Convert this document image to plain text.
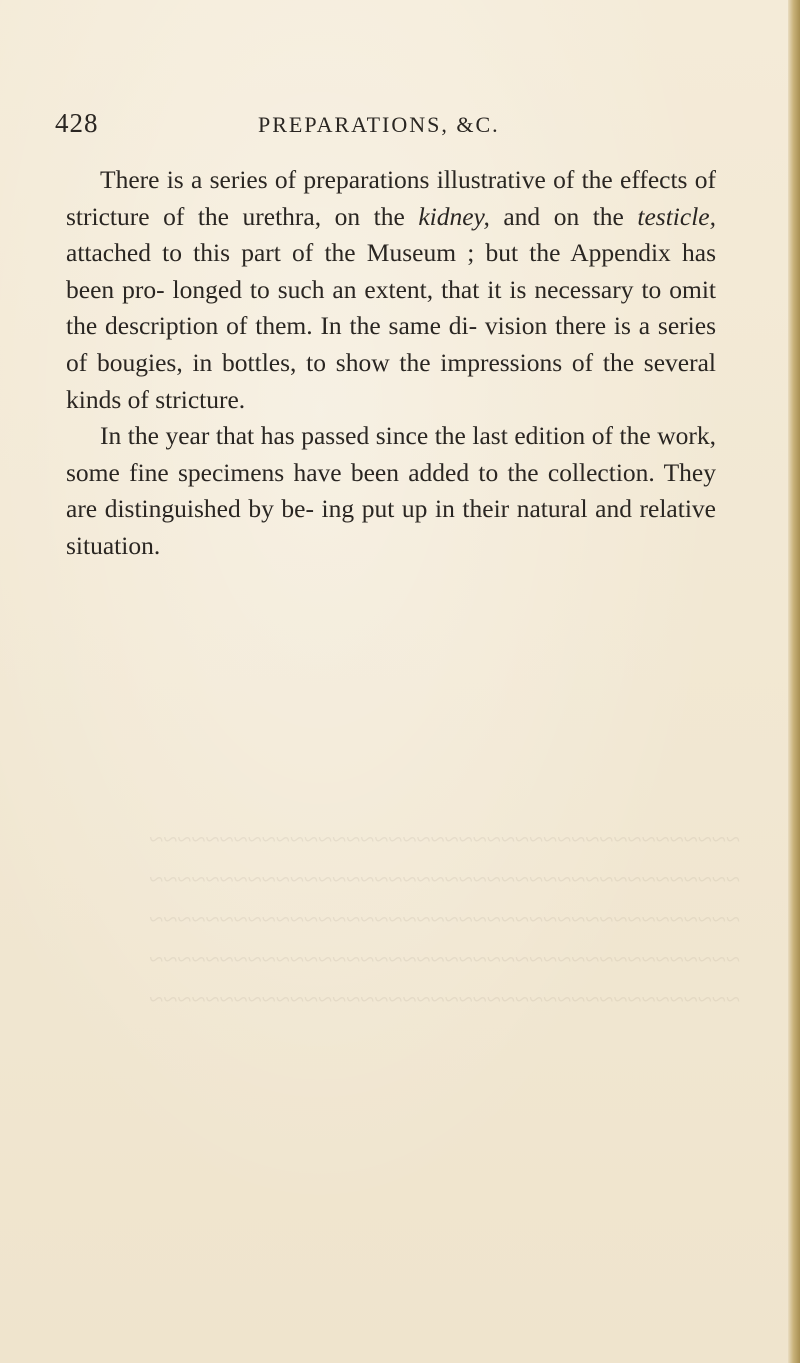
~~~~~~~~~~~~~~~~~~~~~~~~~~~~~~~~~~~~~~~~~~
~~~~~~~~~~~~~~~~~~~~~~~~~~~~~~~~~~~~~~~~~~
~~~~~~~~~~~~~~~~~~~~~~~~~~~~~~~~~~~~~~~~~~
~~~~~~~~~~~~~~~~~~~~~~~~~~~~~~~~~~~~~~~~~~
~~~~~~~~~~~~~~~~~~~~~~~~~~~~~~~~~~~~~~~~~~
428	PREPARATIONS, &C.

There is a series of preparations illustrative of the effects of stricture of the urethra, on the kidney, and on the testicle, attached to this part of the Museum ; but the Appendix has been pro- longed to such an extent, that it is necessary to omit the description of them. In the same di- vision there is a series of bougies, in bottles, to show the impressions of the several kinds of stricture.

In the year that has passed since the last edition of the work, some fine specimens have been added to the collection. They are distinguished by be- ing put up in their natural and relative situation.
